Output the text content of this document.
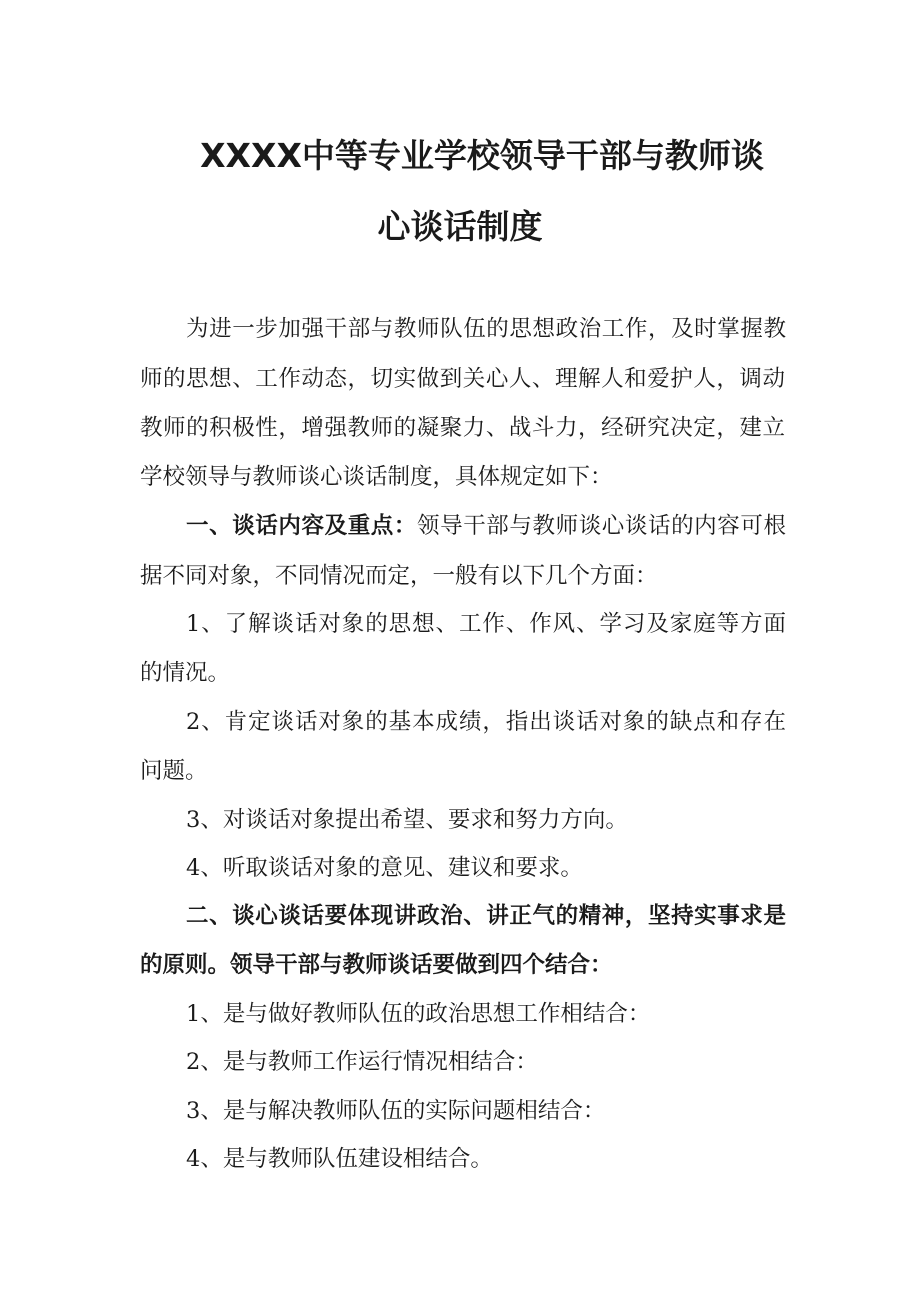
XXXX中等专业学校领导干部与教师谈
心谈话制度
为进一步加强干部与教师队伍的思想政治工作，及时掌握教
师的思想、工作动态，切实做到关心人、理解人和爱护人，调动
教师的积极性，增强教师的凝聚力、战斗力，经研究决定，建立
学校领导与教师谈心谈话制度，具体规定如下：
一、谈话内容及重点：领导干部与教师谈心谈话的内容可根
据不同对象，不同情况而定，一般有以下几个方面：
1、了解谈话对象的思想、工作、作风、学习及家庭等方面
的情况。
2、肯定谈话对象的基本成绩，指出谈话对象的缺点和存在
问题。
3、对谈话对象提出希望、要求和努力方向。
4、听取谈话对象的意见、建议和要求。
二、谈心谈话要体现讲政治、讲正气的精神，坚持实事求是
的原则。领导干部与教师谈话要做到四个结合：
1、是与做好教师队伍的政治思想工作相结合：
2、是与教师工作运行情况相结合：
3、是与解决教师队伍的实际问题相结合：
4、是与教师队伍建设相结合。
